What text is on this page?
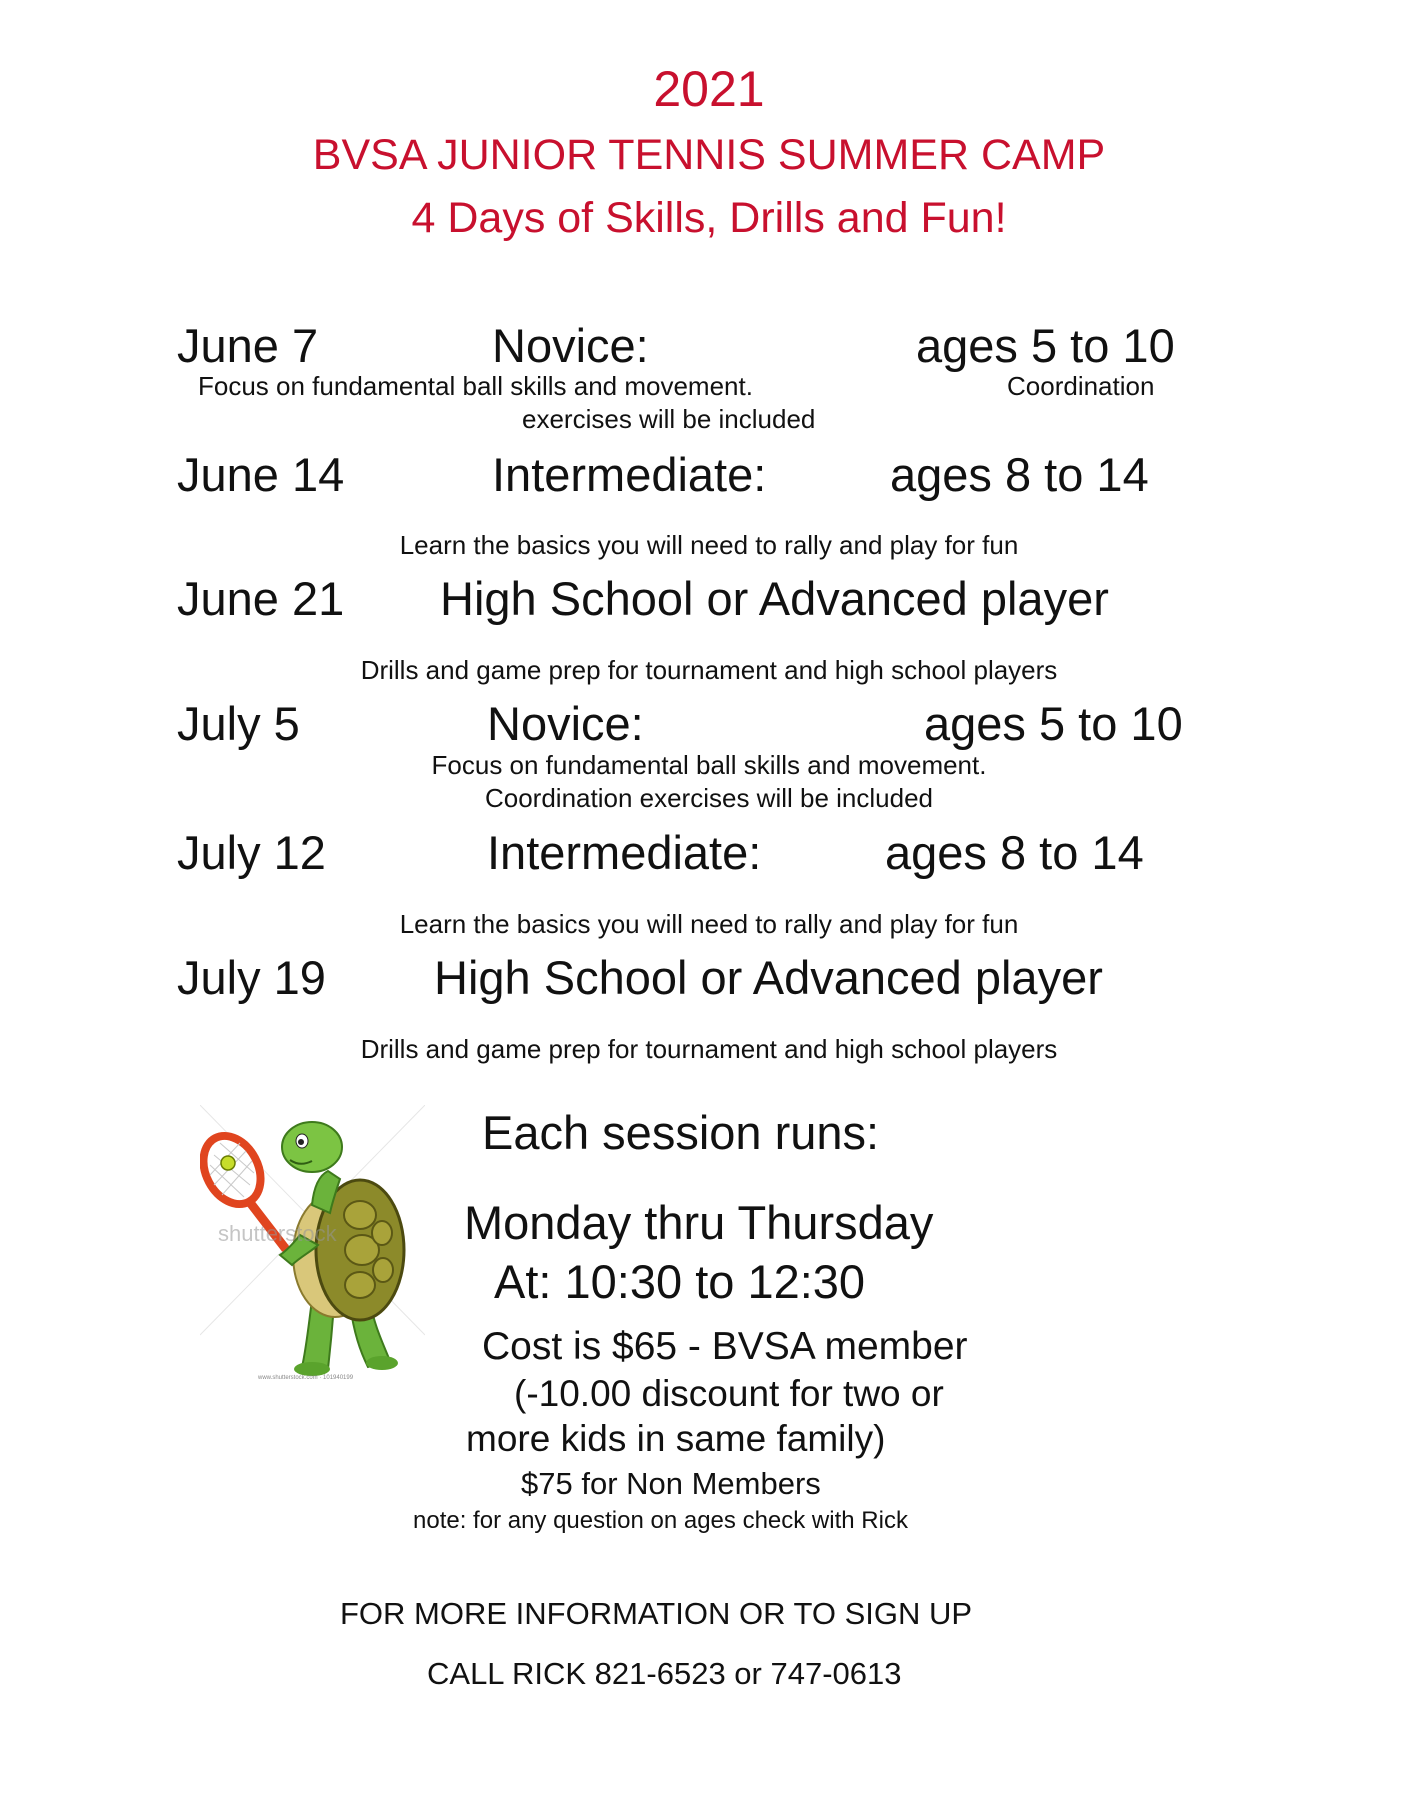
2021
BVSA JUNIOR TENNIS SUMMER CAMP
4 Days of Skills, Drills and Fun!
June 7	Novice:	ages 5 to 10
Focus on fundamental ball skills and movement.	Coordination
exercises will be included
June 14	Intermediate:	ages 8 to 14
Learn the basics you will need to rally and play for fun
June 21 High School or Advanced player
Drills and game prep for tournament and high school players
July 5	Novice:	ages 5 to 10
Focus on fundamental ball skills and movement.
Coordination exercises will be included
July 12	Intermediate:	ages 8 to 14
Learn the basics you will need to rally and play for fun
July 19 High School or Advanced player
Drills and game prep for tournament and high school players
shutterstock
www.shutterstock.com · 101940199
Each session runs:
Monday thru Thursday
At: 10:30 to 12:30
Cost is $65 - BVSA member
(-10.00 discount for two or
more kids in same family)
$75 for Non Members
note: for any question on ages check with Rick
FOR MORE INFORMATION OR TO SIGN UP
CALL RICK 821-6523 or 747-0613
